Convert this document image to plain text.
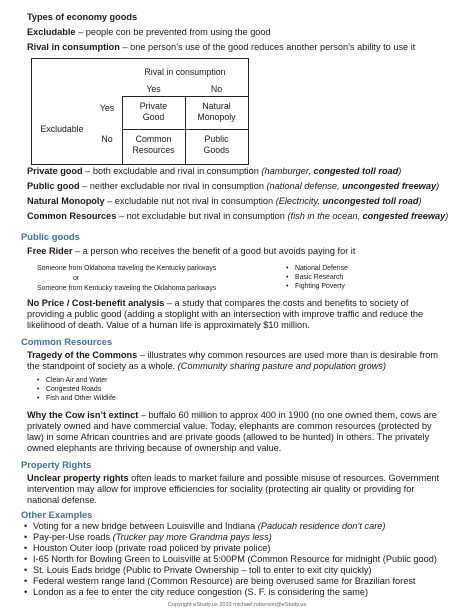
Types of economy goods
Excludable – people con be prevented from using the good
Rival in consumption – one person’s use of the good reduces another person’s ability to use it
Rival in consumption
Yes	No
Excludable
Yes
No
Private
Good
Natural
Monopoly
Common
Resources
Public
Goods
Private good – both excludable and rival in consumption (hamburger, congested toll road)
Public good – neither excludable nor rival in consumption (national defense, uncongested freeway)
Natural Monopoly – excludable nut not rival in consumption (Electricity, uncongested toll road)
Common Resources – not excludable but rival in consumption (fish in the ocean, congested freeway)
Public goods
Free Rider – a person who receives the benefit of a good but avoids paying for it
Someone from Oklahoma traveling the Kentucky parkways
or
Someone from Kentucky traveling the Oklahoma parkways
• National Defense
• Basic Research
• Fighting Poverty
No Price / Cost-benefit analysis – a study that compares the costs and benefits to society of providing a public good (adding a stoplight with an intersection with improve traffic and reduce the likelihood of death. Value of a human life is approximately $10 million.
Common Resources
Tragedy of the Commons – illustrates why common resources are used more than is desirable from the standpoint of society as a whole. (Community sharing pasture and population grows)
• Clean Air and Water
• Congested Roads
• Fish and Other Wildlife
Why the Cow isn’t extinct – buffalo 60 million to approx 400 in 1900 (no one owned them, cows are privately owned and have commercial value. Today, elephants are common resources (protected by law) in some African countries and are private goods (allowed to be hunted) in others. The privately owned elephants are thriving because of ownership and value.
Property Rights
Unclear property rights often leads to market failure and possible misuse of resources. Government intervention may allow for improve efficiencies for sociality (protecting air quality or providing for national defense.
Other Examples
• Voting for a new bridge between Louisville and Indiana (Paducah residence don’t care)
• Pay-per-Use roads (Trucker pay more Grandma pays less)
• Houston Outer loop (private road policed by private police)
• I-65 North for Bowling Green to Louisville at 5:00PM (Common Resource for midnight (Public good)
• St. Louis Eads bridge (Public to Private Ownership – toll to enter to exit city quickly)
• Federal western range land (Common Resource) are being overused same for Brazilian forest
• London as a fee to enter the city reduce congestion (S. F. is considering the same)
Copyright eStudy.us 2010 michael.roberson@eStudy.us
